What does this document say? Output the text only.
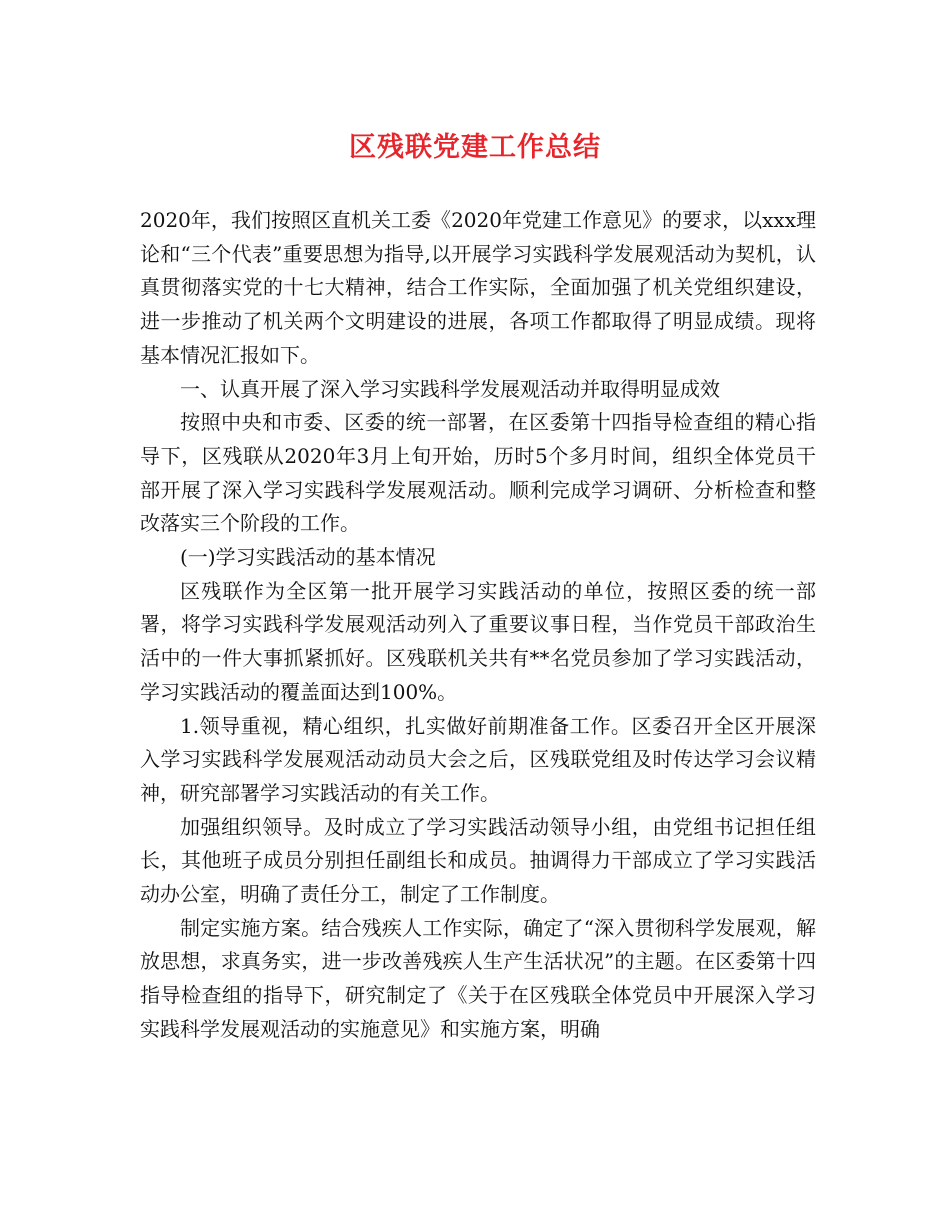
区残联党建工作总结

2020年，我们按照区直机关工委《2020年党建工作意见》的要求，以xxx理论和“三个代表”重要思想为指导,以开展学习实践科学发展观活动为契机，认真贯彻落实党的十七大精神，结合工作实际，全面加强了机关党组织建设，进一步推动了机关两个文明建设的进展，各项工作都取得了明显成绩。现将基本情况汇报如下。

一、认真开展了深入学习实践科学发展观活动并取得明显成效

按照中央和市委、区委的统一部署，在区委第十四指导检查组的精心指导下，区残联从2020年3月上旬开始，历时5个多月时间，组织全体党员干部开展了深入学习实践科学发展观活动。顺利完成学习调研、分析检查和整改落实三个阶段的工作。

(一)学习实践活动的基本情况

区残联作为全区第一批开展学习实践活动的单位，按照区委的统一部署，将学习实践科学发展观活动列入了重要议事日程，当作党员干部政治生活中的一件大事抓紧抓好。区残联机关共有**名党员参加了学习实践活动，学习实践活动的覆盖面达到100%。

1.领导重视，精心组织，扎实做好前期准备工作。区委召开全区开展深入学习实践科学发展观活动动员大会之后，区残联党组及时传达学习会议精神，研究部署学习实践活动的有关工作。

加强组织领导。及时成立了学习实践活动领导小组，由党组书记担任组长，其他班子成员分别担任副组长和成员。抽调得力干部成立了学习实践活动办公室，明确了责任分工，制定了工作制度。

制定实施方案。结合残疾人工作实际，确定了“深入贯彻科学发展观，解放思想，求真务实，进一步改善残疾人生产生活状况”的主题。在区委第十四指导检查组的指导下，研究制定了《关于在区残联全体党员中开展深入学习实践科学发展观活动的实施意见》和实施方案，明确
